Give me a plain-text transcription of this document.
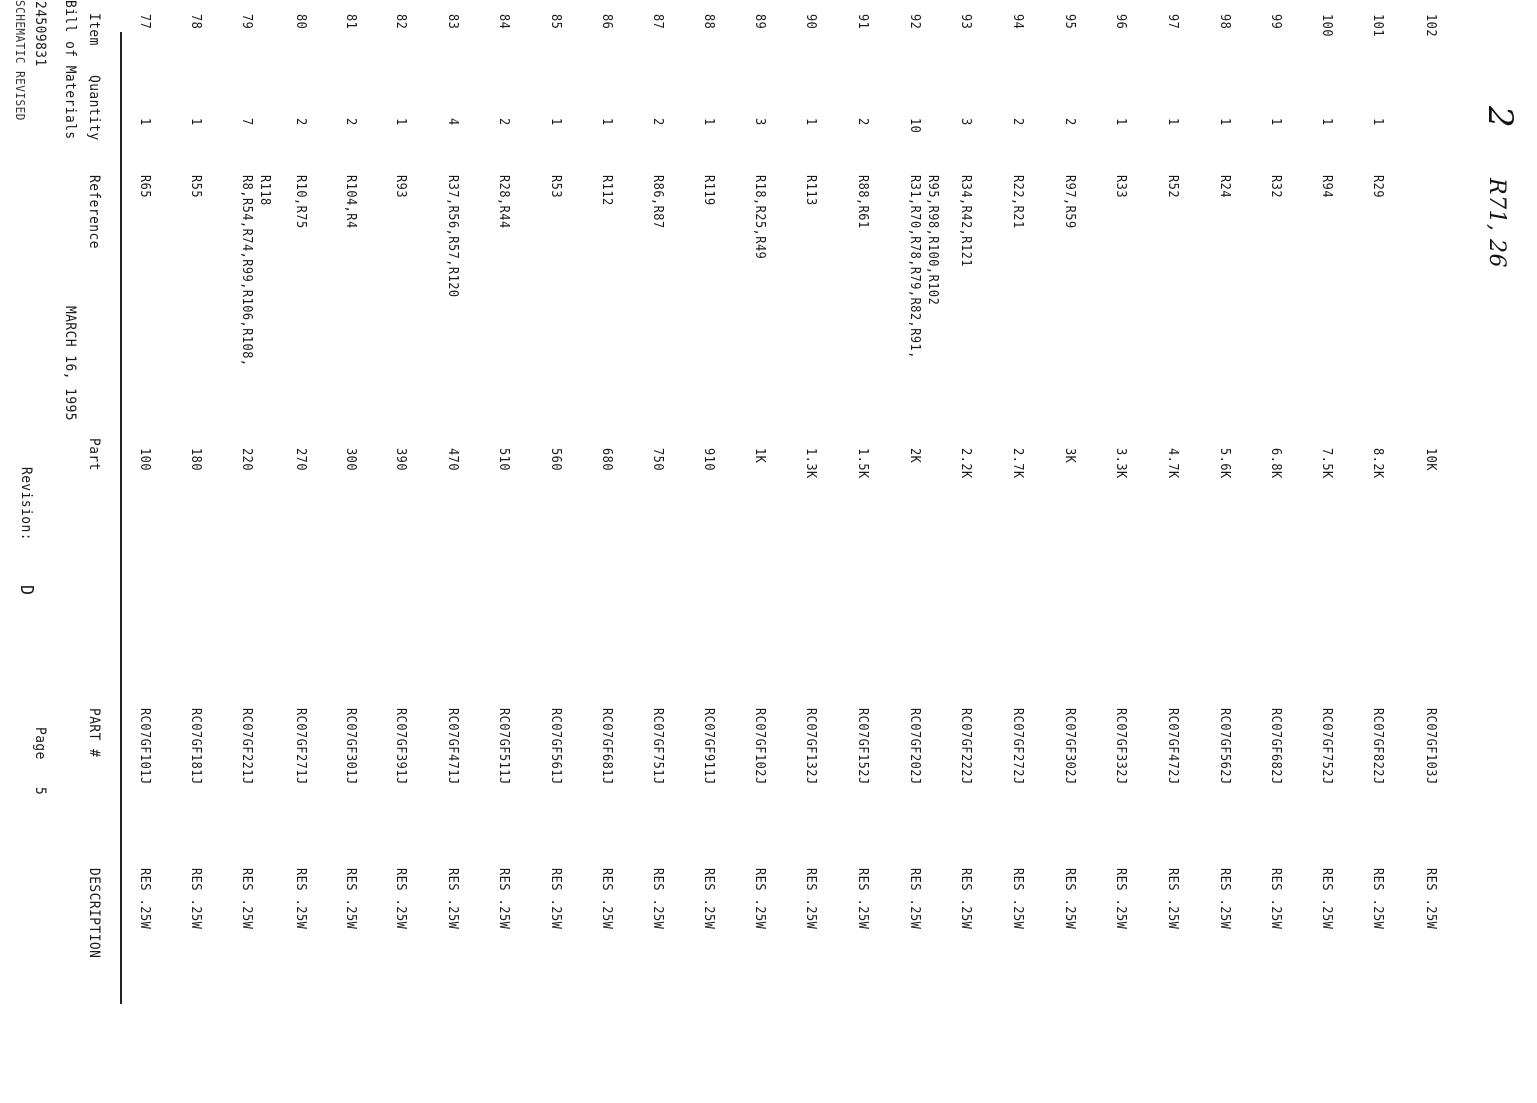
SCHEMATIC REVISED 24509831 Bill of Materials
MARCH 16, 1995
Revision:
D
Page
5
Item
Quantity
Reference
Part
PART #
DESCRIPTION
77
1
R65
100
RC07GF101J
RES .25W
78
1
R55
180
RC07GF181J
RES .25W
79
7
R8,R54,R74,R99,R106,R108,
220
RC07GF221J
RES .25W
R118
80
2
R10,R75
270
RC07GF271J
RES .25W
81
2
R104,R4
300
RC07GF301J
RES .25W
82
1
R93
390
RC07GF391J
RES .25W
83
4
R37,R56,R57,R120
470
RC07GF471J
RES .25W
84
2
R28,R44
510
RC07GF511J
RES .25W
85
1
R53
560
RC07GF561J
RES .25W
86
1
R112
680
RC07GF681J
RES .25W
87
2
R86,R87
750
RC07GF751J
RES .25W
88
1
R119
910
RC07GF911J
RES .25W
89
3
R18,R25,R49
1K
RC07GF102J
RES .25W
90
1
R113
1.3K
RC07GF132J
RES .25W
91
2
R88,R61
1.5K
RC07GF152J
RES .25W
92
10
R31,R70,R78,R79,R82,R91,
2K
RC07GF202J
RES .25W
R95,R98,R100,R102
93
3
R34,R42,R121
2.2K
RC07GF222J
RES .25W
94
2
R22,R21
2.7K
RC07GF272J
RES .25W
95
2
R97,R59
3K
RC07GF302J
RES .25W
96
1
R33
3.3K
RC07GF332J
RES .25W
97
1
R52
4.7K
RC07GF472J
RES .25W
98
1
R24
5.6K
RC07GF562J
RES .25W
99
1
R32
6.8K
RC07GF682J
RES .25W
100
1
R94
7.5K
RC07GF752J
RES .25W
101
1
R29
8.2K
RC07GF822J
RES .25W
102
10K
RC07GF103J
RES .25W
2
R71, 26
